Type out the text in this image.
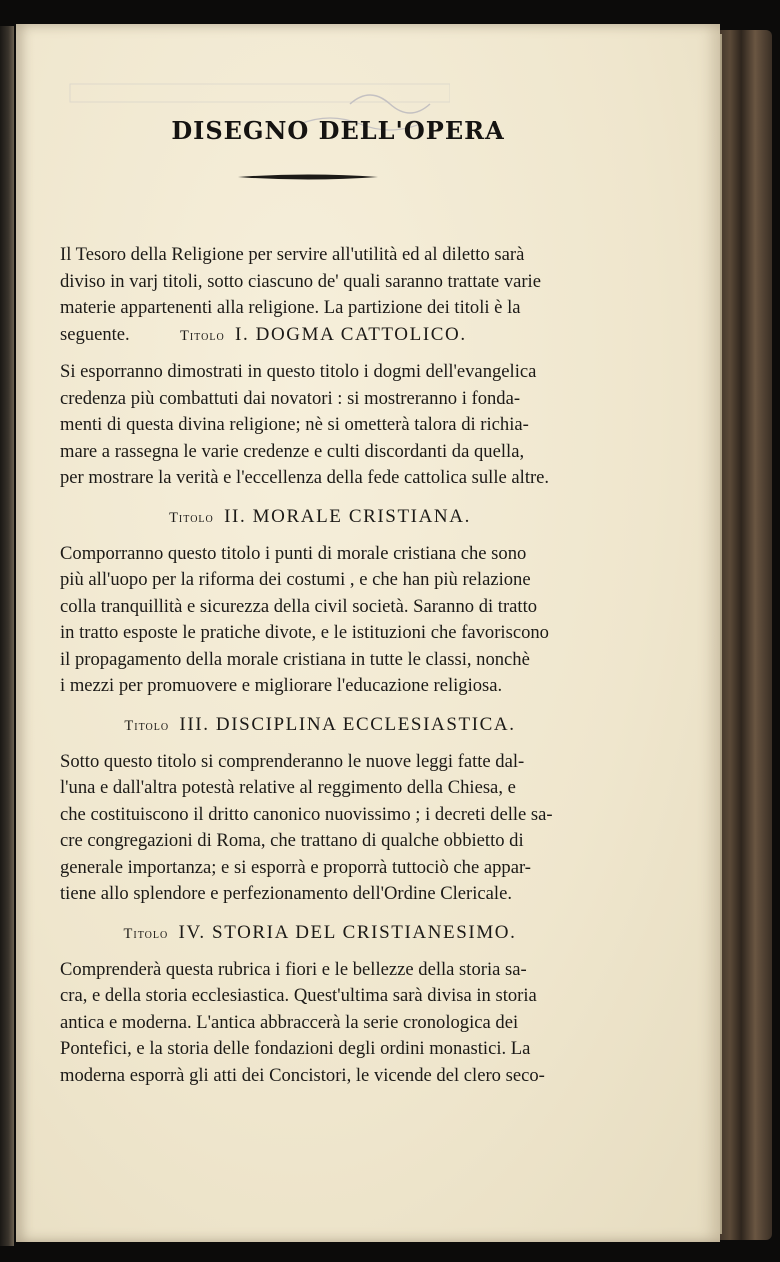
DISEGNO DELL'OPERA

Il Tesoro della Religione per servire all'utilità ed al diletto sarà

diviso in varj titoli, sotto ciascuno de' quali saranno trattate varie

materie appartenenti alla religione. La partizione dei titoli è la

seguente.	Titolo I. DOGMA CATTOLICO.

Si esporranno dimostrati in questo titolo i dogmi dell'evangelica

credenza più combattuti dai novatori : si mostreranno i fonda-

menti di questa divina religione; nè si ometterà talora di richia-

mare a rassegna le varie credenze e culti discordanti da quella,

per mostrare la verità e l'eccellenza della fede cattolica sulle altre.

Titolo II. MORALE CRISTIANA.

Comporranno questo titolo i punti di morale cristiana che sono

più all'uopo per la riforma dei costumi , e che han più relazione

colla tranquillità e sicurezza della civil società. Saranno di tratto

in tratto esposte le pratiche divote, e le istituzioni che favoriscono

il propagamento della morale cristiana in tutte le classi, nonchè

i mezzi per promuovere e migliorare l'educazione religiosa.

Titolo III. DISCIPLINA ECCLESIASTICA.

Sotto questo titolo si comprenderanno le nuove leggi fatte dal-

l'una e dall'altra potestà relative al reggimento della Chiesa, e

che costituiscono il dritto canonico nuovissimo ; i decreti delle sa-

cre congregazioni di Roma, che trattano di qualche obbietto di

generale importanza; e si esporrà e proporrà tuttociò che appar-

tiene allo splendore e perfezionamento dell'Ordine Clericale.

Titolo IV. STORIA DEL CRISTIANESIMO.

Comprenderà questa rubrica i fiori e le bellezze della storia sa-

cra, e della storia ecclesiastica. Quest'ultima sarà divisa in storia

antica e moderna. L'antica abbraccerà la serie cronologica dei

Pontefici, e la storia delle fondazioni degli ordini monastici. La

moderna esporrà gli atti dei Concistori, le vicende del clero seco-
